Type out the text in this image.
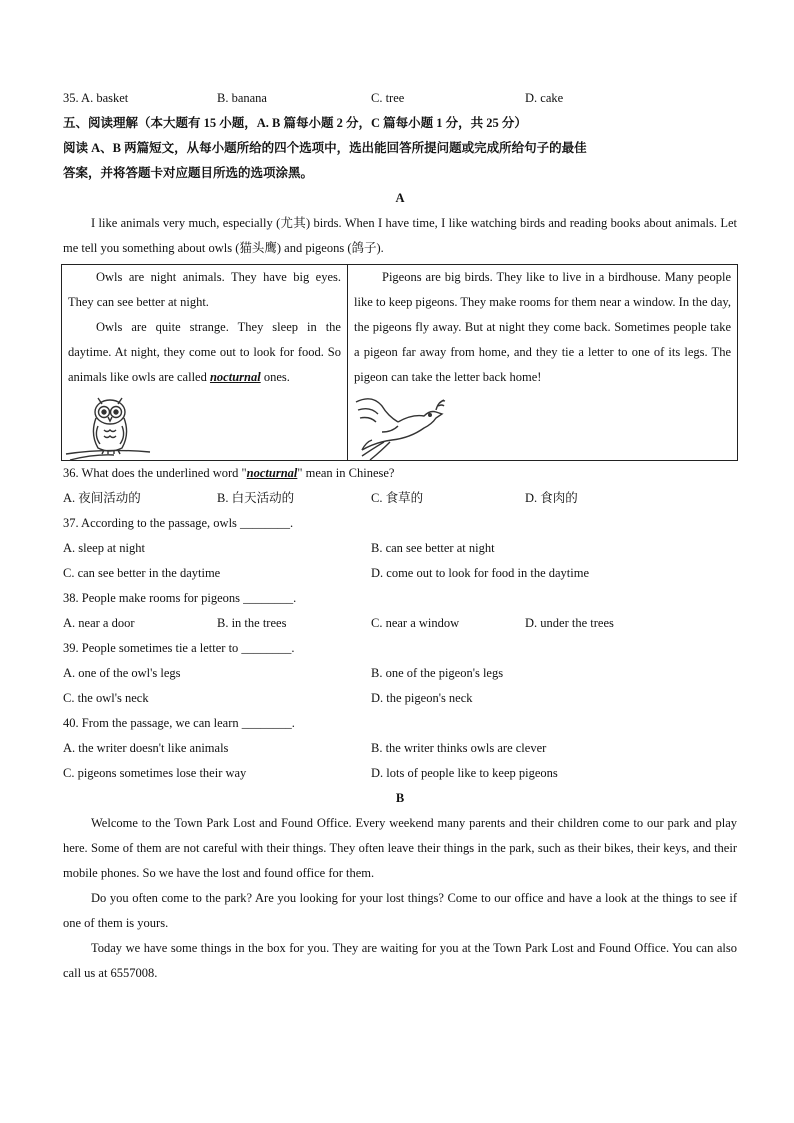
35. A. basket	B. banana	C. tree	D. cake
五、阅读理解（本大题有 15 小题，A. B 篇每小题 2 分，C 篇每小题 1 分，共 25 分）
阅读 A、B 两篇短文，从每小题所给的四个选项中，选出能回答所提问题或完成所给句子的最佳
答案，并将答题卡对应题目所选的选项涂黑。
A
I like animals very much, especially (尤其) birds. When I have time, I like watching birds and reading books about animals. Let me tell you something about owls (猫头鹰) and pigeons (鸽子).

Owls are night animals. They have big eyes. They can see better at night.

Owls are quite strange. They sleep in the daytime. At night, they come out to look for food. So animals like owls are called nocturnal ones.

Pigeons are big birds. They like to live in a birdhouse. Many people like to keep pigeons. They make rooms for them near a window. In the day, the pigeons fly away. But at night they come back. Sometimes people take a pigeon far away from home, and they tie a letter to one of its legs. The pigeon can take the letter back home!

36. What does the underlined word "nocturnal" mean in Chinese?
A. 夜间活动的	B. 白天活动的	C. 食草的	D. 食肉的
37. According to the passage, owls ________.
A. sleep at night	B. can see better at night
C. can see better in the daytime	D. come out to look for food in the daytime
38. People make rooms for pigeons ________.
A. near a door	B. in the trees	C. near a window	D. under the trees
39. People sometimes tie a letter to ________.
A. one of the owl's legs	B. one of the pigeon's legs
C. the owl's neck	D. the pigeon's neck
40. From the passage, we can learn ________.
A. the writer doesn't like animals	B. the writer thinks owls are clever
C. pigeons sometimes lose their way	D. lots of people like to keep pigeons
B
Welcome to the Town Park Lost and Found Office. Every weekend many parents and their children come to our park and play here. Some of them are not careful with their things. They often leave their things in the park, such as their bikes, their keys, and their mobile phones. So we have the lost and found office for them.
Do you often come to the park? Are you looking for your lost things? Come to our office and have a look at the things to see if one of them is yours.
Today we have some things in the box for you. They are waiting for you at the Town Park Lost and Found Office. You can also call us at 6557008.
